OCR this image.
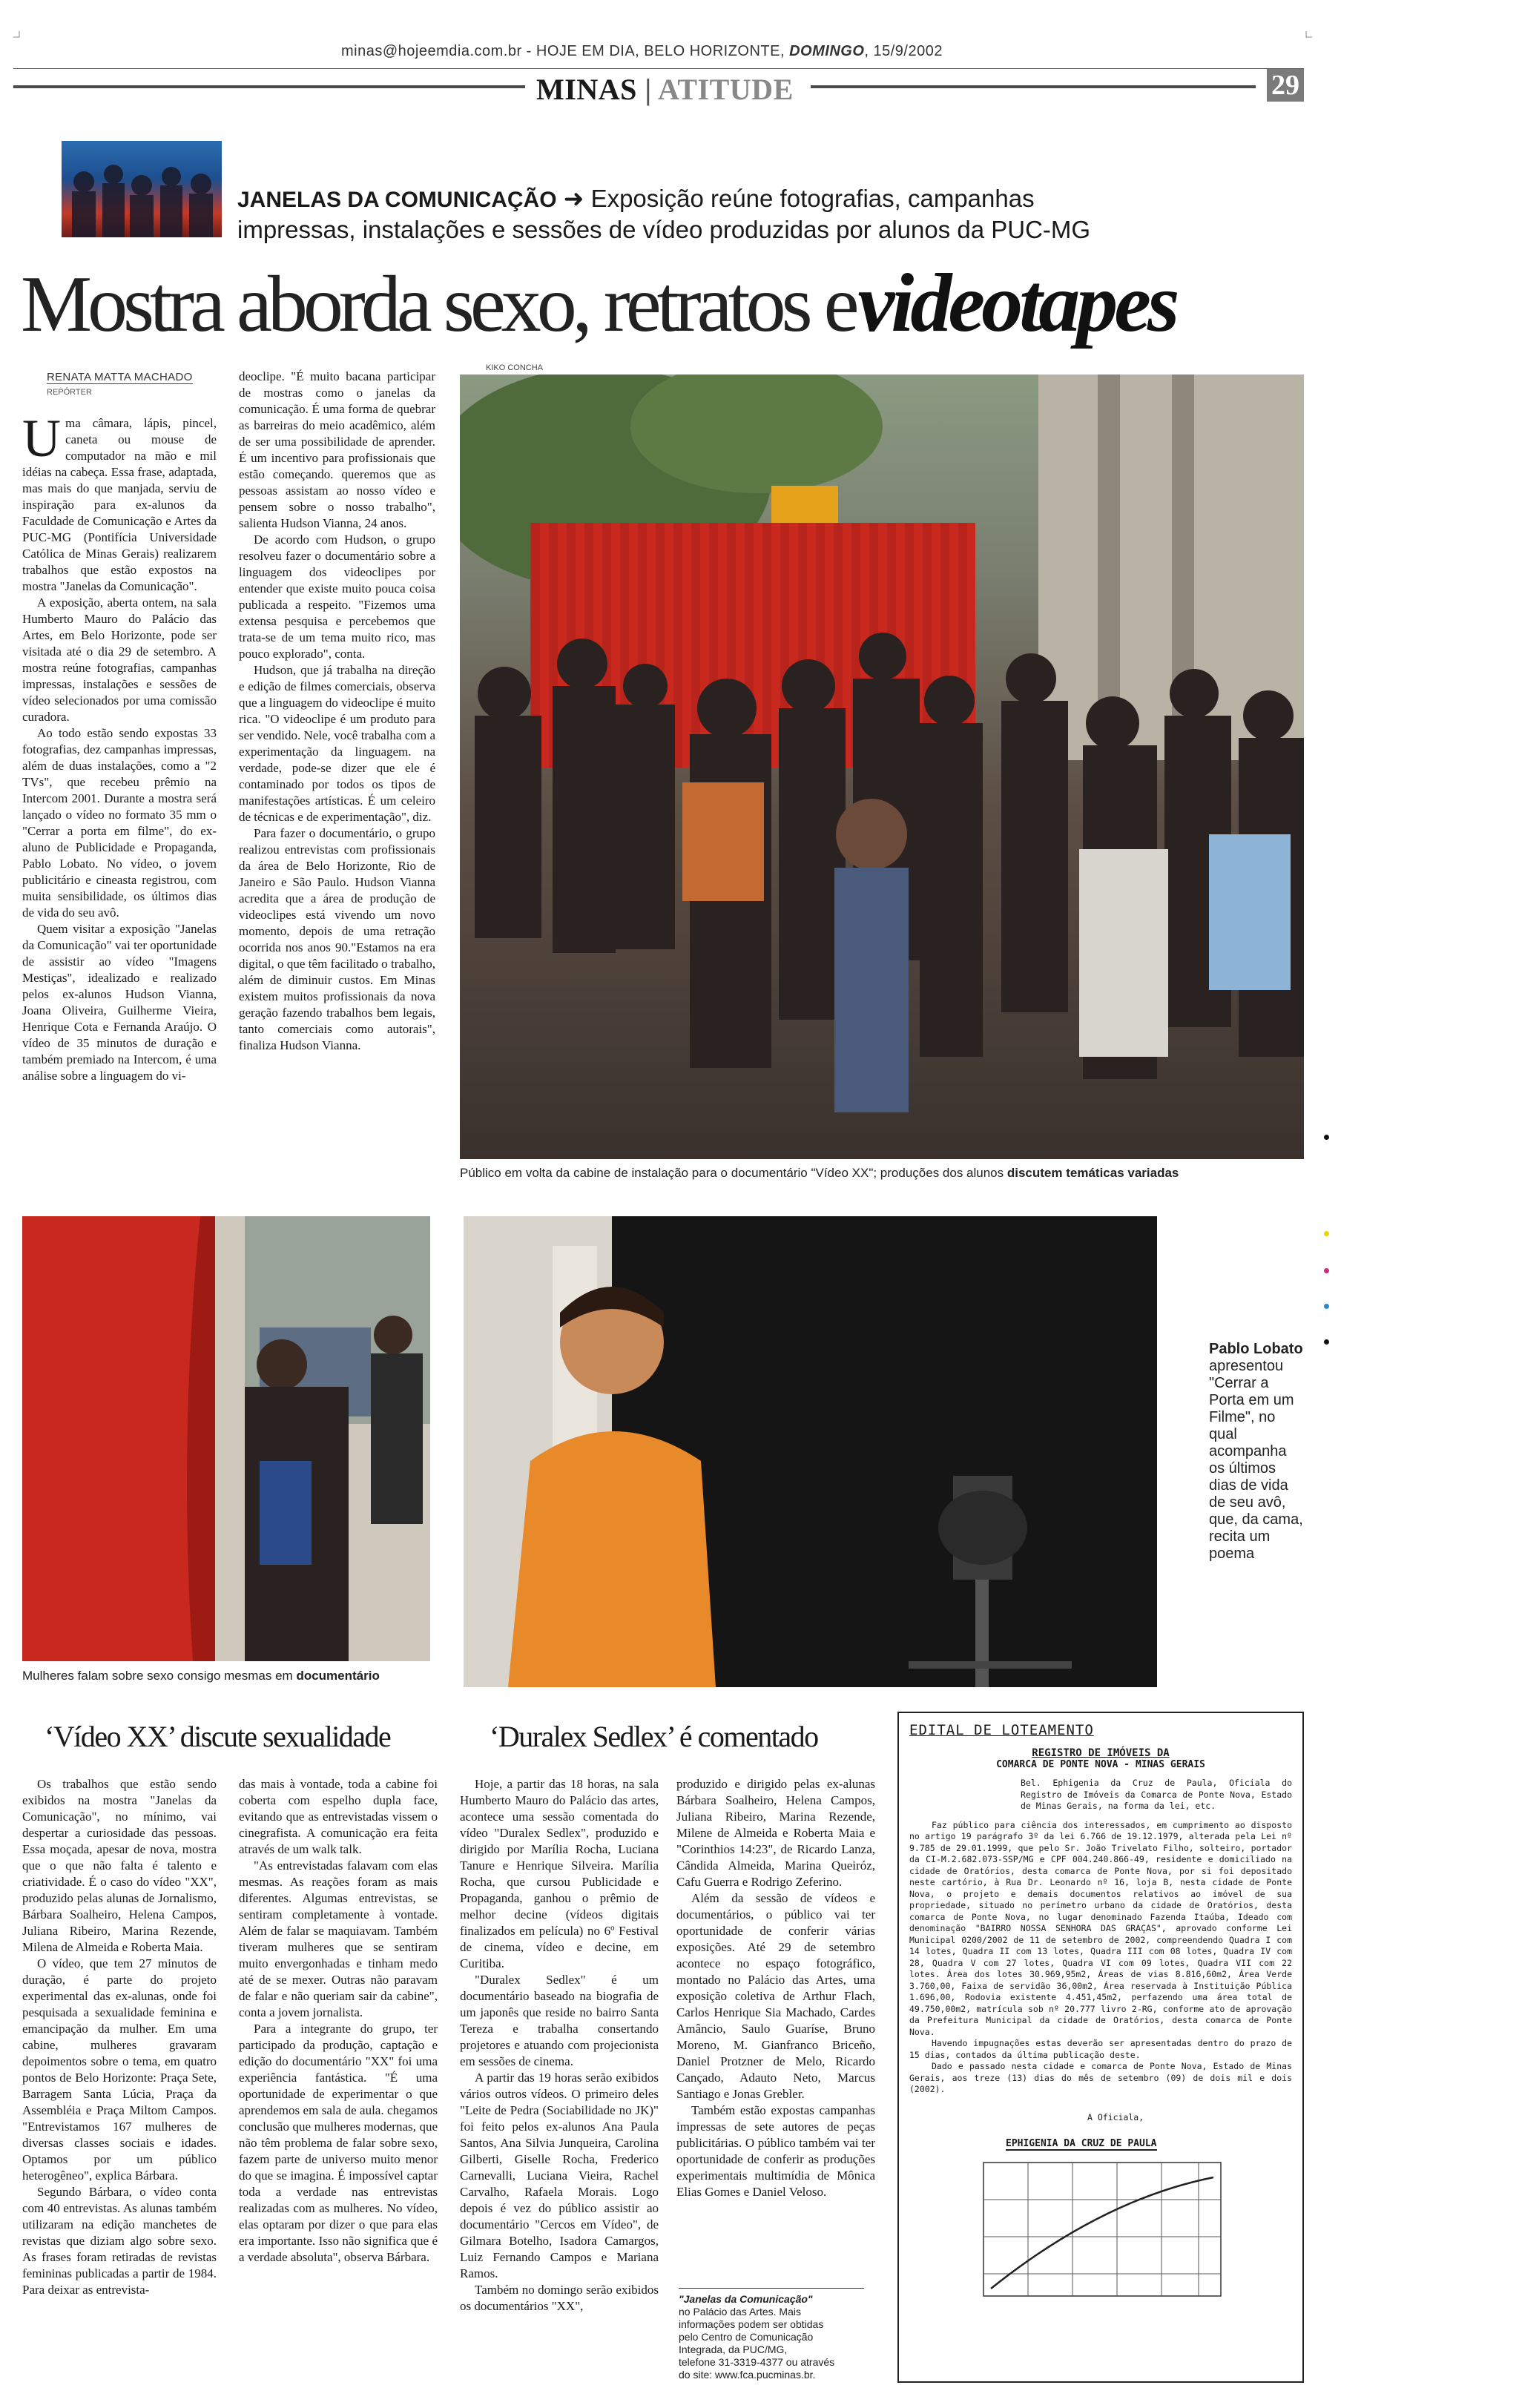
minas@hojeemdia.com.br - HOJE EM DIA, BELO HORIZONTE, DOMINGO, 15/9/2002
MINAS | ATITUDE	29
JANELAS DA COMUNICAÇÃO ➜ Exposição reúne fotografias, campanhas
impressas, instalações e sessões de vídeo produzidas por alunos da PUC-MG
Mostra aborda sexo, retratos e videotapes
RENATA MATTA MACHADO
REPÓRTER
U ma câmara, lápis, pincel, caneta ou mouse de computador na mão e mil idéias na cabeça. Essa frase, adaptada, mas mais do que manjada, serviu de inspiração para ex-alunos da Faculdade de Comunicação e Artes da PUC-MG (Pontifícia Universidade Católica de Minas Gerais) realizarem trabalhos que estão expostos na mostra "Janelas da Comunicação".

A exposição, aberta ontem, na sala Humberto Mauro do Palácio das Artes, em Belo Horizonte, pode ser visitada até o dia 29 de setembro. A mostra reúne fotografias, campanhas impressas, instalações e sessões de vídeo selecionados por uma comissão curadora.

Ao todo estão sendo expostas 33 fotografias, dez campanhas impressas, além de duas instalações, como a "2 TVs", que recebeu prêmio na Intercom 2001. Durante a mostra será lançado o vídeo no formato 35 mm o "Cerrar a porta em filme", do ex-aluno de Publicidade e Propaganda, Pablo Lobato. No vídeo, o jovem publicitário e cineasta registrou, com muita sensibilidade, os últimos dias de vida do seu avô.

Quem visitar a exposição "Janelas da Comunicação" vai ter oportunidade de assistir ao vídeo "Imagens Mestiças", idealizado e realizado pelos ex-alunos Hudson Vianna, Joana Oliveira, Guilherme Vieira, Henrique Cota e Fernanda Araújo. O vídeo de 35 minutos de duração e também premiado na Intercom, é uma análise sobre a linguagem do vi-

deoclipe. "É muito bacana participar de mostras como o janelas da comunicação. É uma forma de quebrar as barreiras do meio acadêmico, além de ser uma possibilidade de aprender. É um incentivo para profissionais que estão começando. queremos que as pessoas assistam ao nosso vídeo e pensem sobre o nosso trabalho", salienta Hudson Vianna, 24 anos.

De acordo com Hudson, o grupo resolveu fazer o documentário sobre a linguagem dos videoclipes por entender que existe muito pouca coisa publicada a respeito. "Fizemos uma extensa pesquisa e percebemos que trata-se de um tema muito rico, mas pouco explorado", conta.

Hudson, que já trabalha na direção e edição de filmes comerciais, observa que a linguagem do videoclipe é muito rica. "O videoclipe é um produto para ser vendido. Nele, você trabalha com a experimentação da linguagem. na verdade, pode-se dizer que ele é contaminado por todos os tipos de manifestações artísticas. É um celeiro de técnicas e de experimentação", diz.

Para fazer o documentário, o grupo realizou entrevistas com profissionais da área de Belo Horizonte, Rio de Janeiro e São Paulo. Hudson Vianna acredita que a área de produção de videoclipes está vivendo um novo momento, depois de uma retração ocorrida nos anos 90."Estamos na era digital, o que têm facilitado o trabalho, além de diminuir custos. Em Minas existem muitos profissionais da nova geração fazendo trabalhos bem legais, tanto comerciais como autorais", finaliza Hudson Vianna.

KIKO CONCHA
Público em volta da cabine de instalação para o documentário "Vídeo XX"; produções dos alunos discutem temáticas variadas
Mulheres falam sobre sexo consigo mesmas em documentário
Pablo Lobato
apresentou "Cerrar a Porta em um Filme", no qual acompanha os últimos dias de vida de seu avô, que, da cama, recita um poema
‘Vídeo XX’ discute sexualidade

Os trabalhos que estão sendo exibidos na mostra "Janelas da Comunicação", no mínimo, vai despertar a curiosidade das pessoas. Essa moçada, apesar de nova, mostra que o que não falta é talento e criatividade. É o caso do vídeo "XX", produzido pelas alunas de Jornalismo, Bárbara Soalheiro, Helena Campos, Juliana Ribeiro, Marina Rezende, Milena de Almeida e Roberta Maia.

O vídeo, que tem 27 minutos de duração, é parte do projeto experimental das ex-alunas, onde foi pesquisada a sexualidade feminina e emancipação da mulher. Em uma cabine, mulheres gravaram depoimentos sobre o tema, em quatro pontos de Belo Horizonte: Praça Sete, Barragem Santa Lúcia, Praça da Assembléia e Praça Miltom Campos. "Entrevistamos 167 mulheres de diversas classes sociais e idades. Optamos por um público heterogêneo", explica Bárbara.

Segundo Bárbara, o vídeo conta com 40 entrevistas. As alunas também utilizaram na edição manchetes de revistas que diziam algo sobre sexo. As frases foram retiradas de revistas femininas publicadas a partir de 1984. Para deixar as entrevista-

das mais à vontade, toda a cabine foi coberta com espelho dupla face, evitando que as entrevistadas vissem o cinegrafista. A comunicação era feita através de um walk talk.

"As entrevistadas falavam com elas mesmas. As reações foram as mais diferentes. Algumas entrevistas, se sentiram completamente à vontade. Além de falar se maquiavam. Também tiveram mulheres que se sentiram muito envergonhadas e tinham medo até de se mexer. Outras não paravam de falar e não queriam sair da cabine", conta a jovem jornalista.

Para a integrante do grupo, ter participado da produção, captação e edição do documentário "XX" foi uma experiência fantástica. "É uma oportunidade de experimentar o que aprendemos em sala de aula. chegamos conclusão que mulheres modernas, que não têm problema de falar sobre sexo, fazem parte de universo muito menor do que se imagina. É impossível captar toda a verdade nas entrevistas realizadas com as mulheres. No vídeo, elas optaram por dizer o que para elas era importante. Isso não significa que é a verdade absoluta", observa Bárbara.

‘Duralex Sedlex’ é comentado

Hoje, a partir das 18 horas, na sala Humberto Mauro do Palácio das artes, acontece uma sessão comentada do vídeo "Duralex Sedlex", produzido e dirigido por Marília Rocha, Luciana Tanure e Henrique Silveira. Marília Rocha, que cursou Publicidade e Propaganda, ganhou o prêmio de melhor decine (vídeos digitais finalizados em película) no 6º Festival de cinema, vídeo e decine, em Curitiba.

"Duralex Sedlex" é um documentário baseado na biografia de um japonês que reside no bairro Santa Tereza e trabalha consertando projetores e atuando com projecionista em sessões de cinema.

A partir das 19 horas serão exibidos vários outros vídeos. O primeiro deles "Leite de Pedra (Sociabilidade no JK)" foi feito pelos ex-alunos Ana Paula Santos, Ana Silvia Junqueira, Carolina Gilberti, Giselle Rocha, Frederico Carnevalli, Luciana Vieira, Rachel Carvalho, Rafaela Morais. Logo depois é vez do público assistir ao documentário "Cercos em Vídeo", de Gilmara Botelho, Isadora Camargos, Luiz Fernando Campos e Mariana Ramos.

Também no domingo serão exibidos os documentários "XX",

produzido e dirigido pelas ex-alunas Bárbara Soalheiro, Helena Campos, Juliana Ribeiro, Marina Rezende, Milene de Almeida e Roberta Maia e "Corinthios 14:23", de Ricardo Lanza, Cândida Almeida, Marina Queiróz, Cafu Guerra e Rodrigo Zeferino.

Além da sessão de vídeos e documentários, o público vai ter oportunidade de conferir várias exposições. Até 29 de setembro acontece no espaço fotográfico, montado no Palácio das Artes, uma exposição coletiva de Arthur Flach, Carlos Henrique Sia Machado, Cardes Amâncio, Saulo Guaríse, Bruno Moreno, M. Gianfranco Briceño, Daniel Protzner de Melo, Ricardo Cançado, Adauto Neto, Marcus Santiago e Jonas Grebler.

Também estão expostas campanhas impressas de sete autores de peças publicitárias. O público também vai ter oportunidade de conferir as produções experimentais multimídia de Mônica Elias Gomes e Daniel Veloso.

"Janelas da Comunicação"
no Palácio das Artes. Mais
informações podem ser obtidas
pelo Centro de Comunicação
Integrada, da PUC/MG,
telefone 31-3319-4377 ou através
do site: www.fca.pucminas.br.
EDITAL DE LOTEAMENTO
REGISTRO DE IMÓVEIS DA
COMARCA DE PONTE NOVA - MINAS GERAIS
Bel. Ephigenia da Cruz de Paula, Oficiala do Registro de Imóveis da Comarca de Ponte Nova, Estado de Minas Gerais, na forma da lei, etc.
Faz público para ciência dos interessados, em cumprimento ao disposto no artigo 19 parágrafo 3º da lei 6.766 de 19.12.1979, alterada pela Lei nº 9.785 de 29.01.1999, que pelo Sr. João Trivelato Filho, solteiro, portador da CI-M.2.682.073-SSP/MG e CPF 004.240.866-49, residente e domiciliado na cidade de Oratórios, desta comarca de Ponte Nova, por si foi depositado neste cartório, à Rua Dr. Leonardo nº 16, loja B, nesta cidade de Ponte Nova, o projeto e demais documentos relativos ao imóvel de sua propriedade, situado no perímetro urbano da cidade de Oratórios, desta comarca de Ponte Nova, no lugar denominado Fazenda Itaúba, Ideado com denominação "BAIRRO NOSSA SENHORA DAS GRAÇAS", aprovado conforme Lei Municipal 0200/2002 de 11 de setembro de 2002, compreendendo Quadra I com 14 lotes, Quadra II com 13 lotes, Quadra III com 08 lotes, Quadra IV com 28, Quadra V com 27 lotes, Quadra VI com 09 lotes, Quadra VII com 22 lotes. Área dos lotes 30.969,95m2, Áreas de vias 8.816,60m2, Área Verde 3.760,00, Faixa de servidão 36,00m2, Área reservada à Instituição Pública 1.696,00, Rodovia existente 4.451,45m2, perfazendo uma área total de 49.750,00m2, matrícula sob nº 20.777 livro 2-RG, conforme ato de aprovação da Prefeitura Municipal da cidade de Oratórios, desta comarca de Ponte Nova.
Havendo impugnações estas deverão ser apresentadas dentro do prazo de 15 dias, contados da última publicação deste.
Dado e passado nesta cidade e comarca de Ponte Nova, Estado de Minas Gerais, aos treze (13) dias do mês de setembro (09) de dois mil e dois (2002).
A Oficiala,
EPHIGENIA DA CRUZ DE PAULA
